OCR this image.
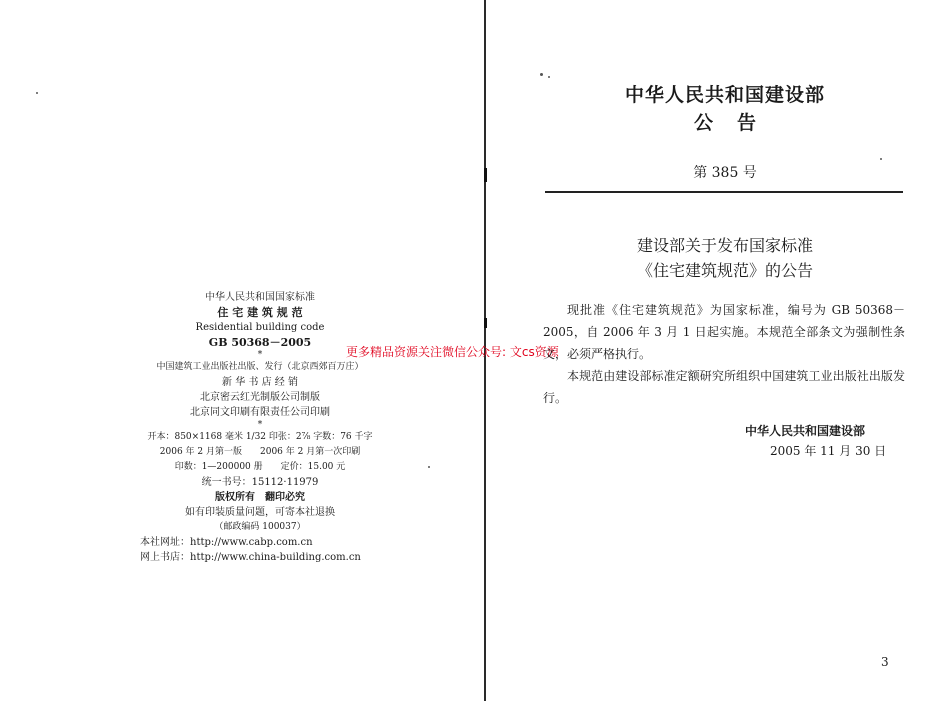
中华人民共和国国家标准
住 宅 建 筑 规 范
Residential building code
GB 50368－2005
*
中国建筑工业出版社出版、发行（北京西郊百万庄）
新 华 书 店 经 销
北京密云红光制版公司制版
北京同文印刷有限责任公司印刷
*
开本：850×1168 毫米 1/32 印张：2⅞ 字数：76 千字
2006 年 2 月第一版　　2006 年 2 月第一次印刷
印数：1—200000 册　　定价：15.00 元
统一书号：15112·11979
版权所有　翻印必究
如有印装质量问题，可寄本社退换
（邮政编码 100037）
本社网址：http://www.cabp.com.cn
网上书店：http://www.china-building.com.cn
更多精品资源关注微信公众号: 文cs资源
中华人民共和国建设部
公告
第 385 号
建设部关于发布国家标准
《住宅建筑规范》的公告

现批准《住宅建筑规范》为国家标准，编号为 GB 50368－2005，自 2006 年 3 月 1 日起实施。本规范全部条文为强制性条文，必须严格执行。

本规范由建设部标准定额研究所组织中国建筑工业出版社出版发行。

中华人民共和国建设部
2005 年 11 月 30 日
3
